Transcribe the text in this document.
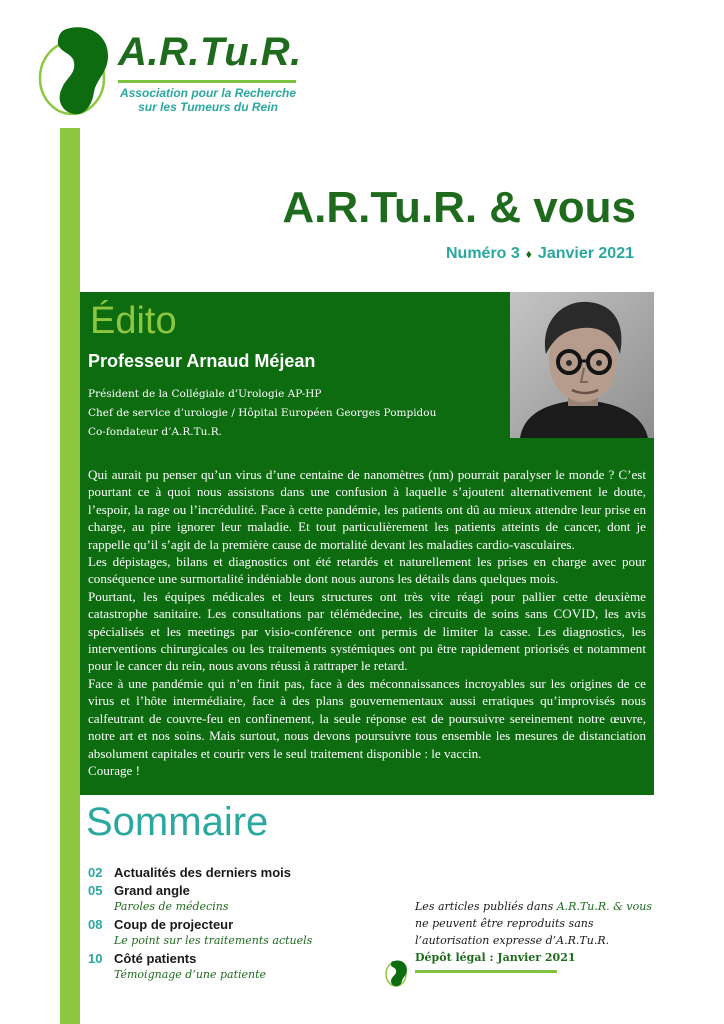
A.R.Tu.R.
Association pour la Recherche
sur les Tumeurs du Rein
A.R.Tu.R. & vous
Numéro 3 ♦ Janvier 2021
Édito
Professeur Arnaud Méjean
Président de la Collégiale d’Urologie AP-HP
Chef de service d’urologie / Hôpital Européen Georges Pompidou
Co-fondateur d’A.R.Tu.R.

Qui aurait pu penser qu’un virus d’une centaine de nanomètres (nm) pourrait paralyser le monde ? C’est pourtant ce à quoi nous assistons dans une confusion à laquelle s’ajoutent alternativement le doute, l’espoir, la rage ou l’incrédulité. Face à cette pandémie, les patients ont dû au mieux attendre leur prise en charge, au pire ignorer leur maladie. Et tout particulièrement les patients atteints de cancer, dont je rappelle qu’il s’agit de la première cause de mortalité devant les maladies cardio-vasculaires.

Les dépistages, bilans et diagnostics ont été retardés et naturellement les prises en charge avec pour conséquence une surmortalité indéniable dont nous aurons les détails dans quelques mois.

Pourtant, les équipes médicales et leurs structures ont très vite réagi pour pallier cette deuxième catastrophe sanitaire. Les consultations par télémédecine, les circuits de soins sans COVID, les avis spécialisés et les meetings par visio-conférence ont permis de limiter la casse. Les diagnostics, les interventions chirurgicales ou les traitements systémiques ont pu être rapidement priorisés et notamment pour le cancer du rein, nous avons réussi à rattraper le retard.

Face à une pandémie qui n’en finit pas, face à des méconnaissances incroyables sur les origines de ce virus et l’hôte intermédiaire, face à des plans gouvernementaux aussi erratiques qu’improvisés nous calfeutrant de couvre-feu en confinement, la seule réponse est de poursuivre sereinement notre œuvre, notre art et nos soins. Mais surtout, nous devons poursuivre tous ensemble les mesures de distanciation absolument capitales et courir vers le seul traitement disponible : le vaccin.

Courage !

Sommaire
02 Actualités des derniers mois
05 Grand angle
Paroles de médecins
08 Coup de projecteur
Le point sur les traitements actuels
10 Côté patients
Témoignage d’une patiente
Les articles publiés dans A.R.Tu.R. & vous
ne peuvent être reproduits sans
l’autorisation expresse d’A.R.Tu.R.
Dépôt légal : Janvier 2021
